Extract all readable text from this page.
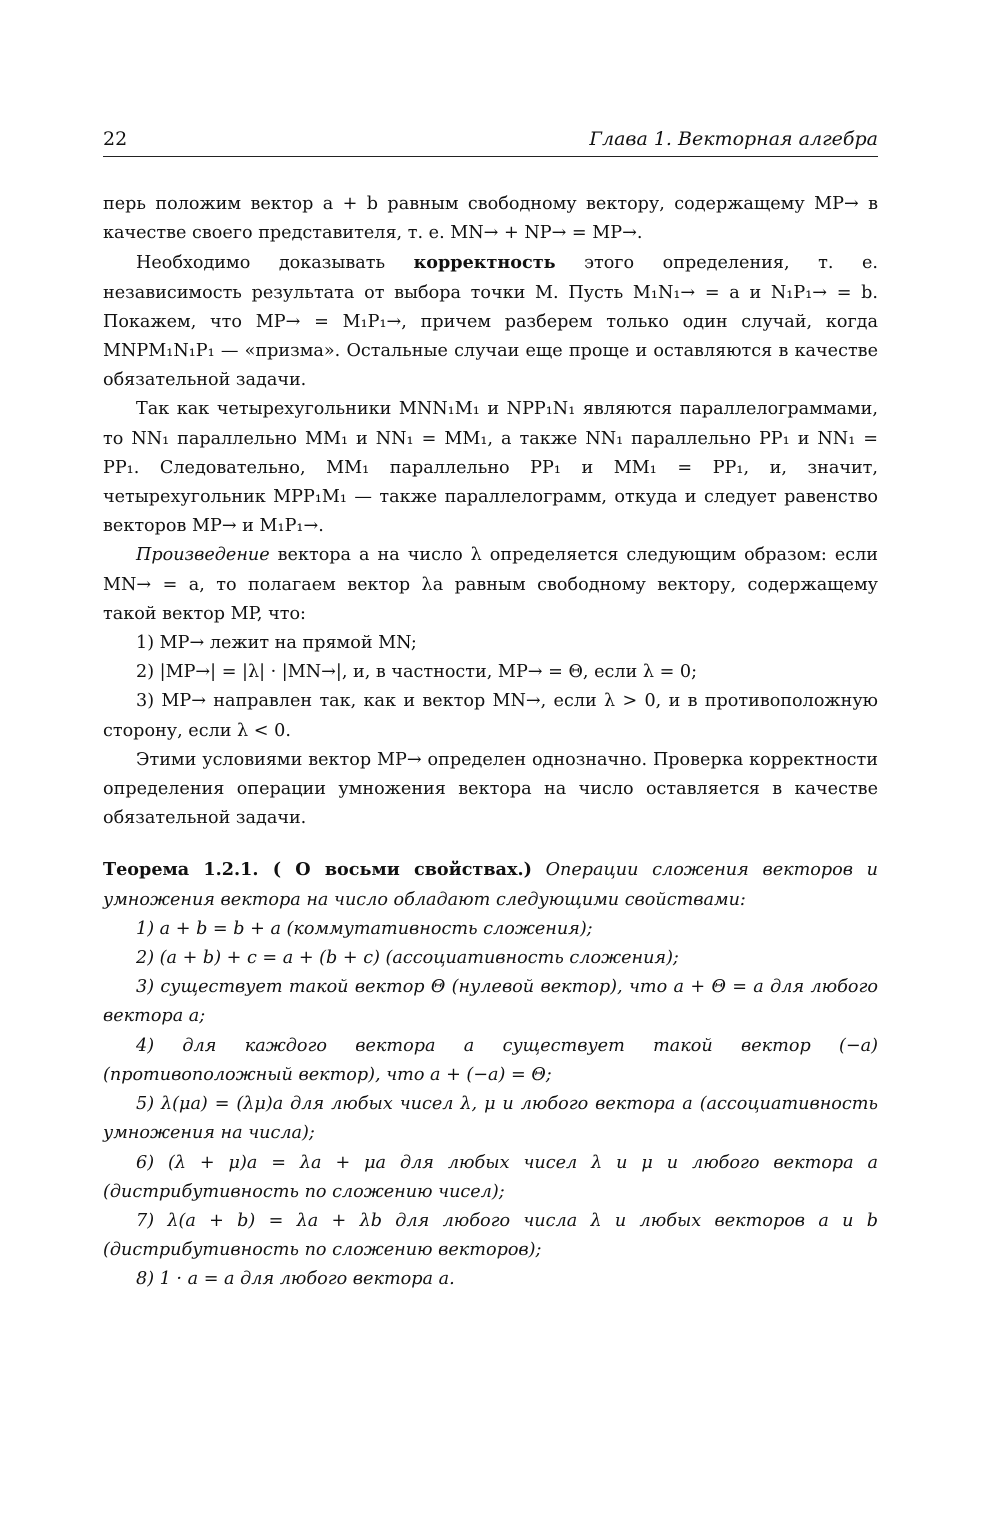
22	Глава 1. Векторная алгебра

перь положим вектор a + b равным свободному вектору, содержащему MP→ в качестве своего представителя, т. е. MN→ + NP→ = MP→.

Необходимо доказывать корректность этого определения, т. е. независимость результата от выбора точки M. Пусть M₁N₁→ = a и N₁P₁→ = b. Покажем, что MP→ = M₁P₁→, причем разберем только один случай, когда MNPM₁N₁P₁ — «призма». Остальные случаи еще проще и оставляются в качестве обязательной задачи.

Так как четырехугольники MNN₁M₁ и NPP₁N₁ являются параллелограммами, то NN₁ параллельно MM₁ и NN₁ = MM₁, а также NN₁ параллельно PP₁ и NN₁ = PP₁. Следовательно, MM₁ параллельно PP₁ и MM₁ = PP₁, и, значит, четырехугольник MPP₁M₁ — также параллелограмм, откуда и следует равенство векторов MP→ и M₁P₁→.

Произведение вектора a на число λ определяется следующим образом: если MN→ = a, то полагаем вектор λa равным свободному вектору, содержащему такой вектор MP, что:

1) MP→ лежит на прямой MN;

2) |MP→| = |λ| · |MN→|, и, в частности, MP→ = Θ, если λ = 0;

3) MP→ направлен так, как и вектор MN→, если λ > 0, и в противоположную сторону, если λ < 0.

Этими условиями вектор MP→ определен однозначно. Проверка корректности определения операции умножения вектора на число оставляется в качестве обязательной задачи.

Теорема 1.2.1. ( О восьми свойствах.) Операции сложения векторов и умножения вектора на число обладают следующими свойствами:

1) a + b = b + a (коммутативность сложения);

2) (a + b) + c = a + (b + c) (ассоциативность сложения);

3) существует такой вектор Θ (нулевой вектор), что a + Θ = a для любого вектора a;

4) для каждого вектора a существует такой вектор (−a) (противоположный вектор), что a + (−a) = Θ;

5) λ(μa) = (λμ)a для любых чисел λ, μ и любого вектора a (ассоциативность умножения на числа);

6) (λ + μ)a = λa + μa для любых чисел λ и μ и любого вектора a (дистрибутивность по сложению чисел);

7) λ(a + b) = λa + λb для любого числа λ и любых векторов a и b (дистрибутивность по сложению векторов);

8) 1 · a = a для любого вектора a.
